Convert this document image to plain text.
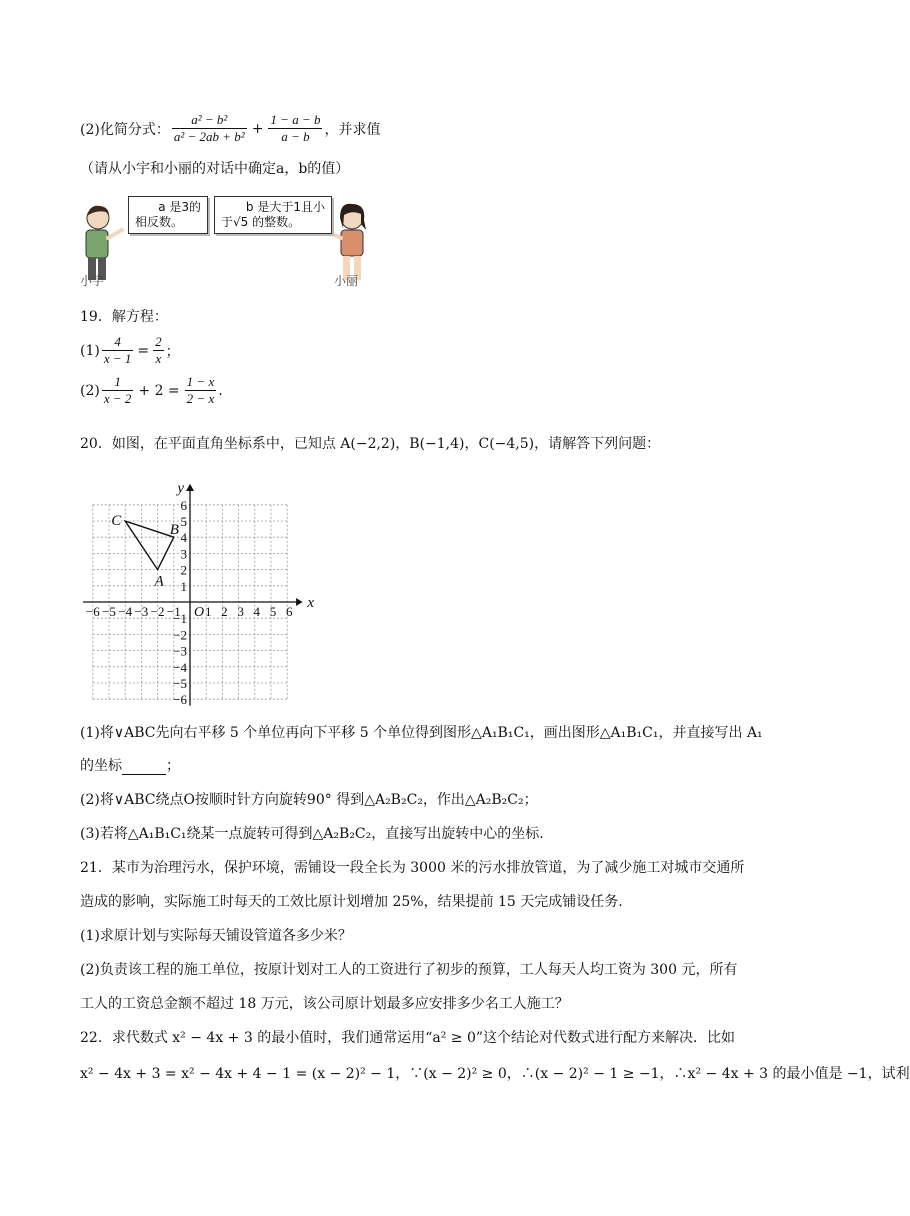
(2)化简分式： $\frac{\text{a² − b²}}{\text{a² − 2ab + b²}} + \frac{1 - a - b}{a - b}$ ，并求值
（请从小宇和小丽的对话中确定a，b的值）
a 是3的
相反数。
b 是大于1且小
于√5 的整数。
小宇	小丽
19．解方程：
$(1) \frac{4}{x - 1} = \frac{2}{x}$ ；
$(2) \frac{1}{x - 2} + 2 = \frac{1 - x}{2 - x}$ .
20．如图，在平面直角坐标系中，已知点 A(−2,2)，B(−1,4)，C(−4,5)，请解答下列问题：
y
x
O
−6 −5 −4 −3 −2 −1 1 2 3 4 5 6
6
5
4
3
2
1
−1
−2
−3
−4
−5
−6
A
B
C
(1)将∨ABC先向右平移 5 个单位再向下平移 5 个单位得到图形△A₁B₁C₁，画出图形△A₁B₁C₁，并直接写出 A₁
的坐标	；
(2)将∨ABC绕点O按顺时针方向旋转90° 得到△A₂B₂C₂，作出△A₂B₂C₂；
(3)若将△A₁B₁C₁绕某一点旋转可得到△A₂B₂C₂，直接写出旋转中心的坐标.
21．某市为治理污水，保护环境，需铺设一段全长为 3000 米的污水排放管道，为了减少施工对城市交通所
造成的影响，实际施工时每天的工效比原计划增加 25%，结果提前 15 天完成铺设任务.
(1)求原计划与实际每天铺设管道各多少米？
(2)负责该工程的施工单位，按原计划对工人的工资进行了初步的预算，工人每天人均工资为 300 元，所有
工人的工资总金额不超过 18 万元，该公司原计划最多应安排多少名工人施工？
22．求代数式 x² − 4x + 3 的最小值时，我们通常运用“a² ≥ 0”这个结论对代数式进行配方来解决．比如
x² − 4x + 3 = x² − 4x + 4 − 1 = (x − 2)² − 1，∵(x − 2)² ≥ 0，∴(x − 2)² − 1 ≥ −1，∴x² − 4x + 3 的最小值是 −1，试利
